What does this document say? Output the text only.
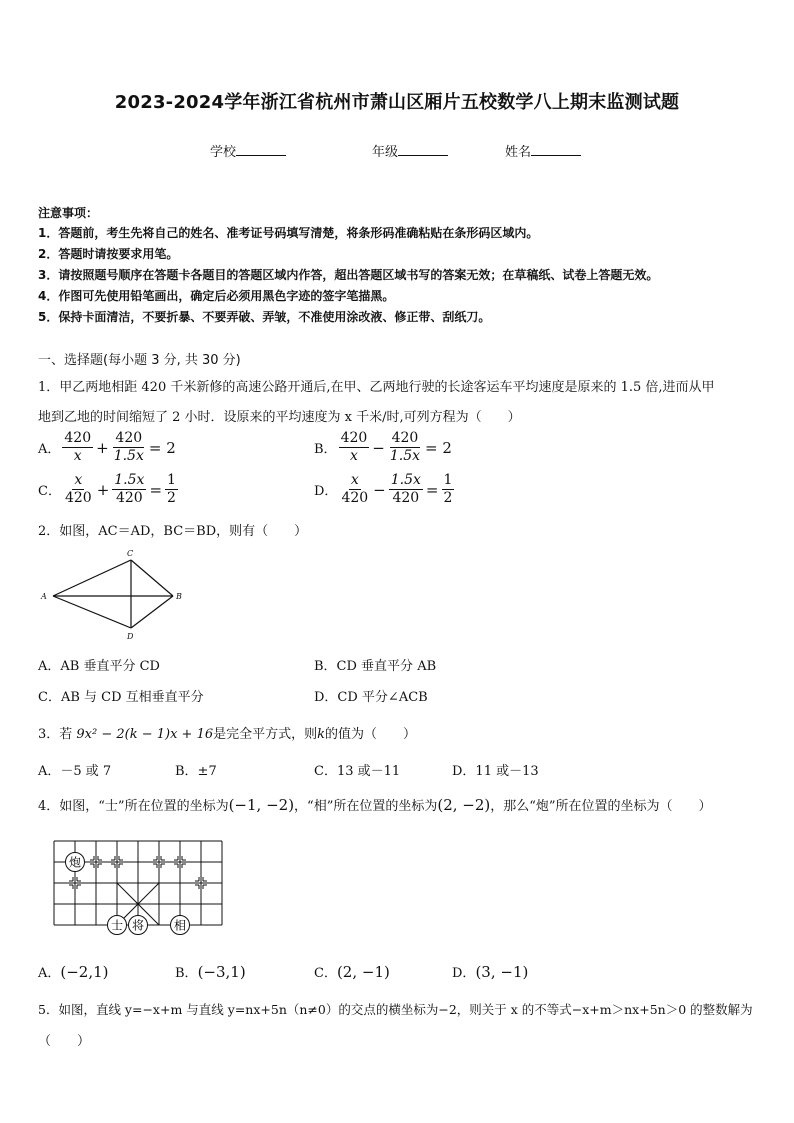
2023-2024学年浙江省杭州市萧山区厢片五校数学八上期末监测试题
学校	年级	姓名
注意事项：
1．答题前，考生先将自己的姓名、准考证号码填写清楚，将条形码准确粘贴在条形码区域内。
2．答题时请按要求用笔。
3．请按照题号顺序在答题卡各题目的答题区域内作答，超出答题区域书写的答案无效；在草稿纸、试卷上答题无效。
4．作图可先使用铅笔画出，确定后必须用黑色字迹的签字笔描黑。
5．保持卡面清洁，不要折暴、不要弄破、弄皱，不准使用涂改液、修正带、刮纸刀。
一、选择题(每小题 3 分, 共 30 分)
1．甲乙两地相距 420 千米新修的高速公路开通后,在甲、乙两地行驶的长途客运车平均速度是原来的 1.5 倍,进而从甲
地到乙地的时间缩短了 2 小时．设原来的平均速度为 x 千米/时,可列方程为（　　）
A． $\frac{420}{x} + \frac{420}{1.5x} = 2$	B． $\frac{420}{x} - \frac{420}{1.5x} = 2$
C． $\frac{x}{420} + \frac{1.5x}{420} = \frac{1}{2}$	D． $\frac{x}{420} - \frac{1.5x}{420} = \frac{1}{2}$
2．如图，AC＝AD，BC＝BD，则有（　　）
A
C
B
D
A．AB 垂直平分 CD	B．CD 垂直平分 AB
C．AB 与 CD 互相垂直平分	D．CD 平分∠ACB
3．若 9x² − 2(k − 1)x + 16是完全平方式，则k的值为（　　）
A．－5 或 7	B．±7	C．13 或－11	D．11 或－13
4．如图，“士”所在位置的坐标为(−1, −2)，“相”所在位置的坐标为(2, −2)，那么“炮”所在位置的坐标为（　　）
炮
士 将 相
A．(−2,1)	B．(−3,1)	C．(2, −1)	D．(3, −1)
5．如图，直线 y=−x+m 与直线 y=nx+5n（n≠0）的交点的横坐标为−2，则关于 x 的不等式−x+m＞nx+5n＞0 的整数解为
（　　）
